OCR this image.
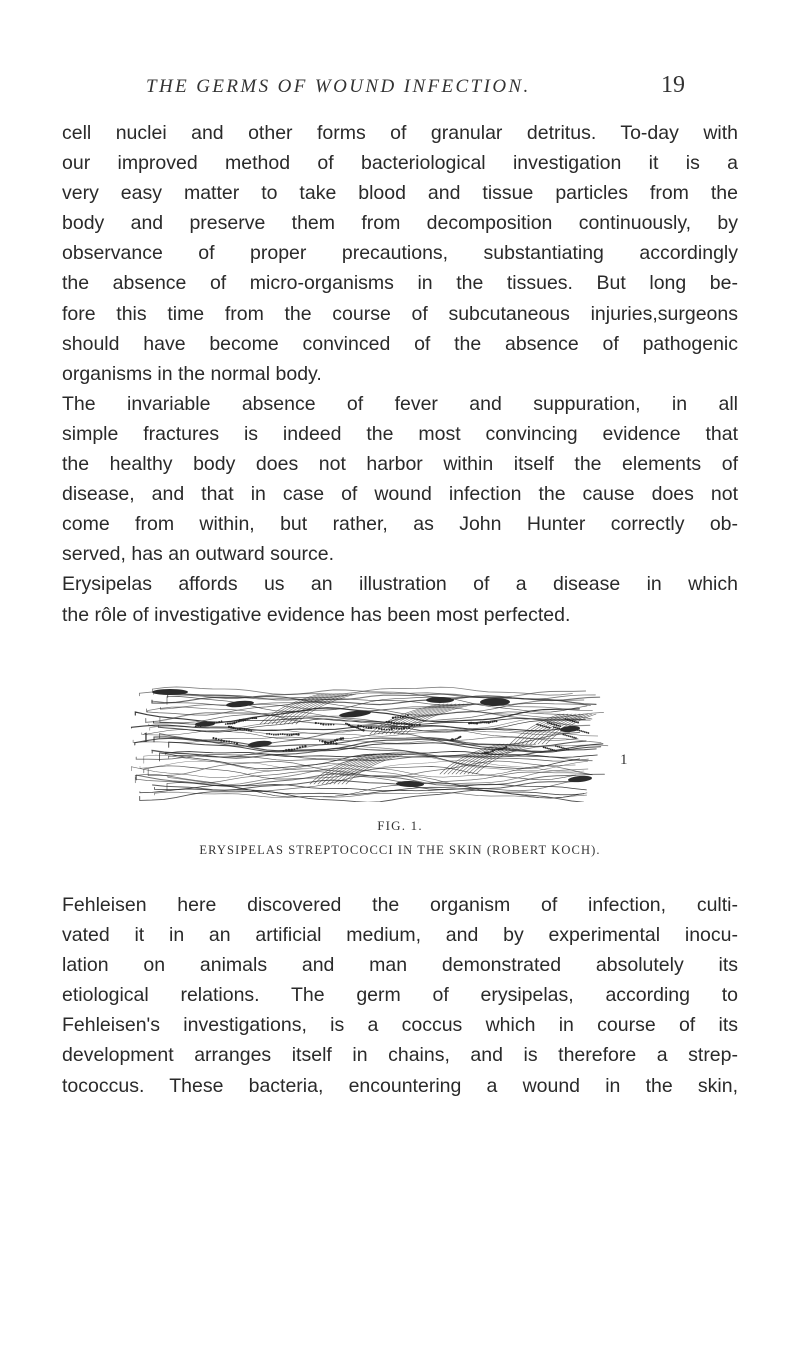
THE GERMS OF WOUND INFECTION.	19
cell nuclei and other forms of granular detritus. To-day with
our improved method of bacteriological investigation it is a
very easy matter to take blood and tissue particles from the
body and preserve them from decomposition continuously, by
observance of proper precautions, substantiating accordingly
the absence of micro-organisms in the tissues. But long be-
fore this time from the course of subcutaneous injuries,surgeons
should have become convinced of the absence of pathogenic
organisms in the normal body.
The invariable absence of fever and suppuration, in all
simple fractures is indeed the most convincing evidence that
the healthy body does not harbor within itself the elements of
disease, and that in case of wound infection the cause does not
come from within, but rather, as John Hunter correctly ob-
served, has an outward source.
Erysipelas affords us an illustration of a disease in which
the rôle of investigative evidence has been most perfected.
1
1
FIG. 1.
ERYSIPELAS STREPTOCOCCI IN THE SKIN (ROBERT KOCH).
Fehleisen here discovered the organism of infection, culti-
vated it in an artificial medium, and by experimental inocu-
lation on animals and man demonstrated absolutely its
etiological relations. The germ of erysipelas, according to
Fehleisen's investigations, is a coccus which in course of its
development arranges itself in chains, and is therefore a strep-
tococcus. These bacteria, encountering a wound in the skin,
